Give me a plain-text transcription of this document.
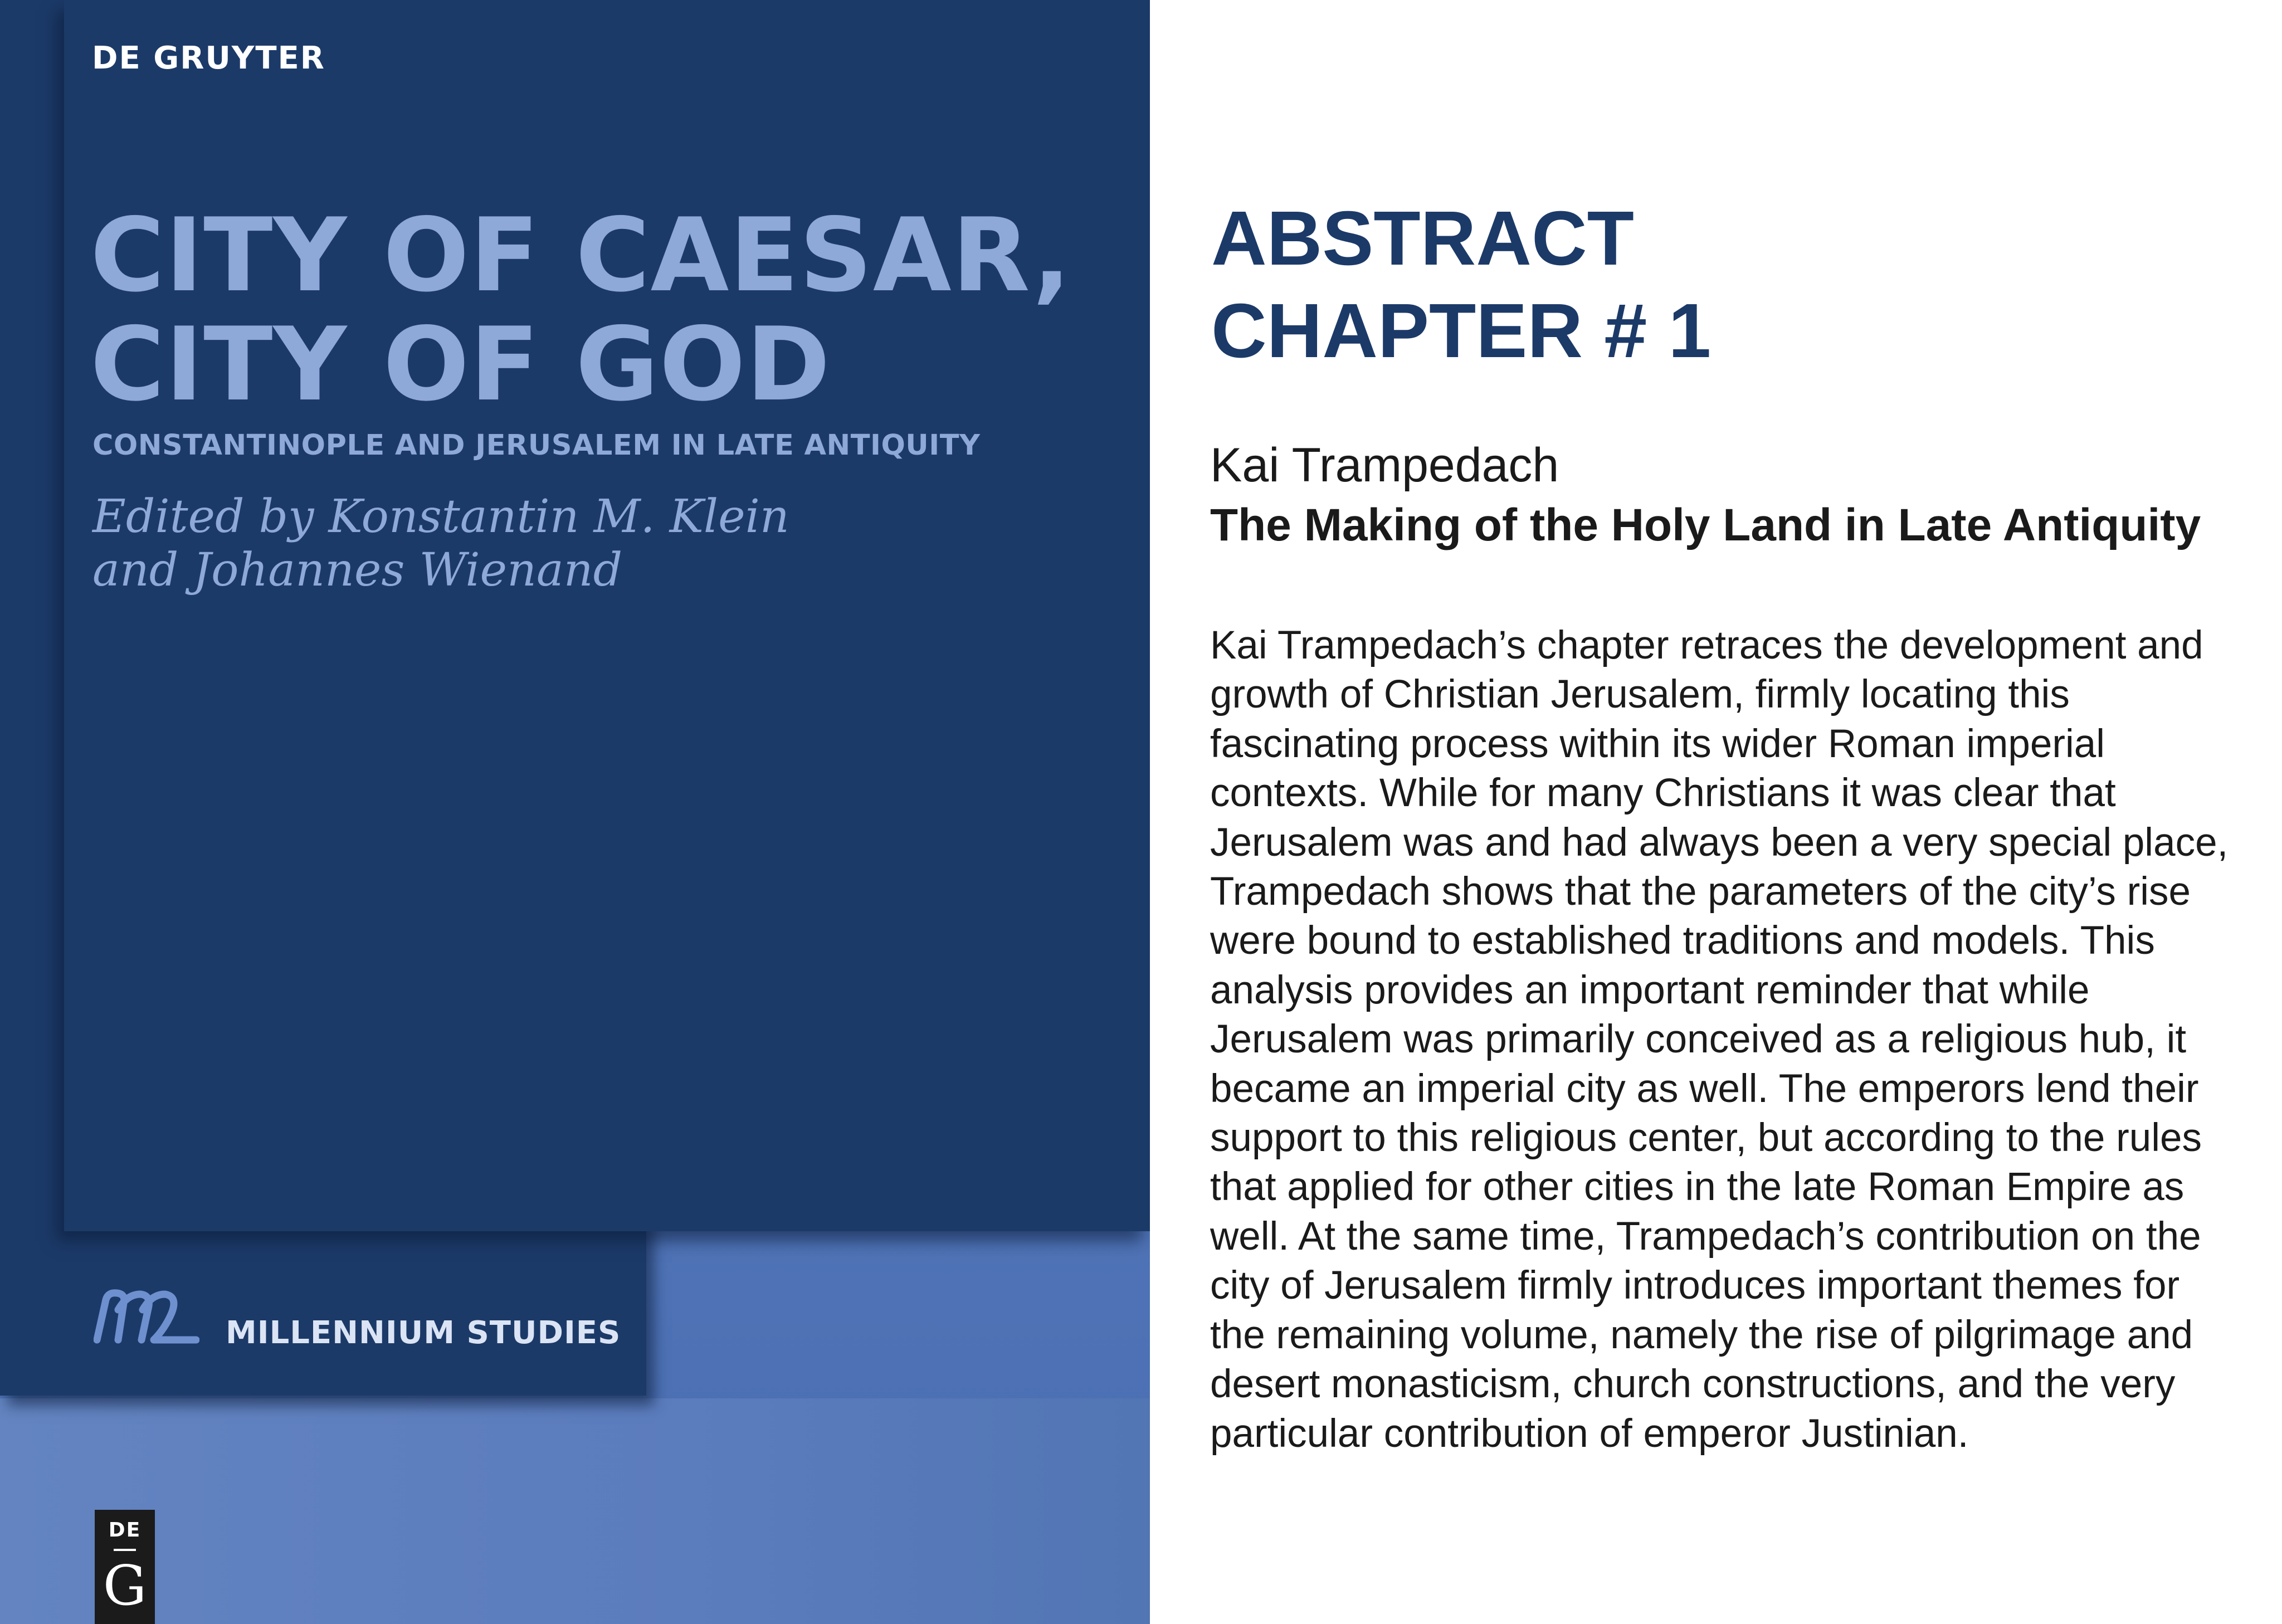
DE GRUYTER
CITY OF CAESAR,
CITY OF GOD
CONSTANTINOPLE AND JERUSALEM IN LATE ANTIQUITY
Edited by Konstantin M. Klein
and Johannes Wienand
MILLENNIUM STUDIES
DE
G
ABSTRACT
CHAPTER # 1
Kai Trampedach
The Making of the Holy Land in Late Antiquity
Kai Trampedach’s chapter retraces the development and
growth of Christian Jerusalem, firmly locating this
fascinating process within its wider Roman imperial
contexts. While for many Christians it was clear that
Jerusalem was and had always been a very special place,
Trampedach shows that the parameters of the city’s rise
were bound to established traditions and models. This
analysis provides an important reminder that while
Jerusalem was primarily conceived as a religious hub, it
became an imperial city as well. The emperors lend their
support to this religious center, but according to the rules
that applied for other cities in the late Roman Empire as
well. At the same time, Trampedach’s contribution on the
city of Jerusalem firmly introduces important themes for
the remaining volume, namely the rise of pilgrimage and
desert monasticism, church constructions, and the very
particular contribution of emperor Justinian.
